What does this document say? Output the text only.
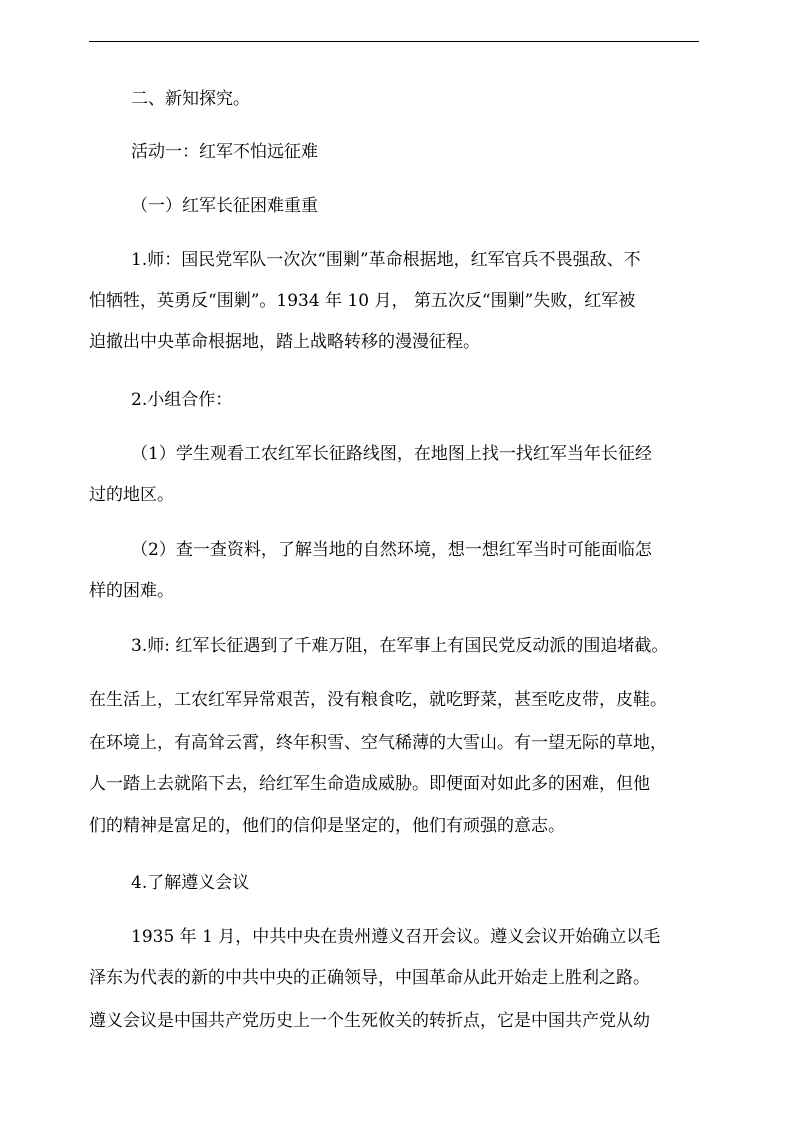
二、新知探究。
活动一：红军不怕远征难
（一）红军长征困难重重
1.师：国民党军队一次次“围剿”革命根据地，红军官兵不畏强敌、不
怕牺牲，英勇反“围剿”。1934 年 10 月， 第五次反“围剿”失败，红军被
迫撤出中央革命根据地，踏上战略转移的漫漫征程。
2.小组合作：
（1）学生观看工农红军长征路线图，在地图上找一找红军当年长征经
过的地区。
（2）查一查资料，了解当地的自然环境，想一想红军当时可能面临怎
样的困难。
3.师: 红军长征遇到了千难万阻，在军事上有国民党反动派的围追堵截。
在生活上，工农红军异常艰苦，没有粮食吃，就吃野菜，甚至吃皮带，皮鞋。
在环境上，有高耸云霄，终年积雪、空气稀薄的大雪山。有一望无际的草地，
人一踏上去就陷下去，给红军生命造成威胁。即便面对如此多的困难，但他
们的精神是富足的，他们的信仰是坚定的，他们有顽强的意志。
4.了解遵义会议
1935 年 1 月，中共中央在贵州遵义召开会议。遵义会议开始确立以毛
泽东为代表的新的中共中央的正确领导，中国革命从此开始走上胜利之路。
遵义会议是中国共产党历史上一个生死攸关的转折点，它是中国共产党从幼
